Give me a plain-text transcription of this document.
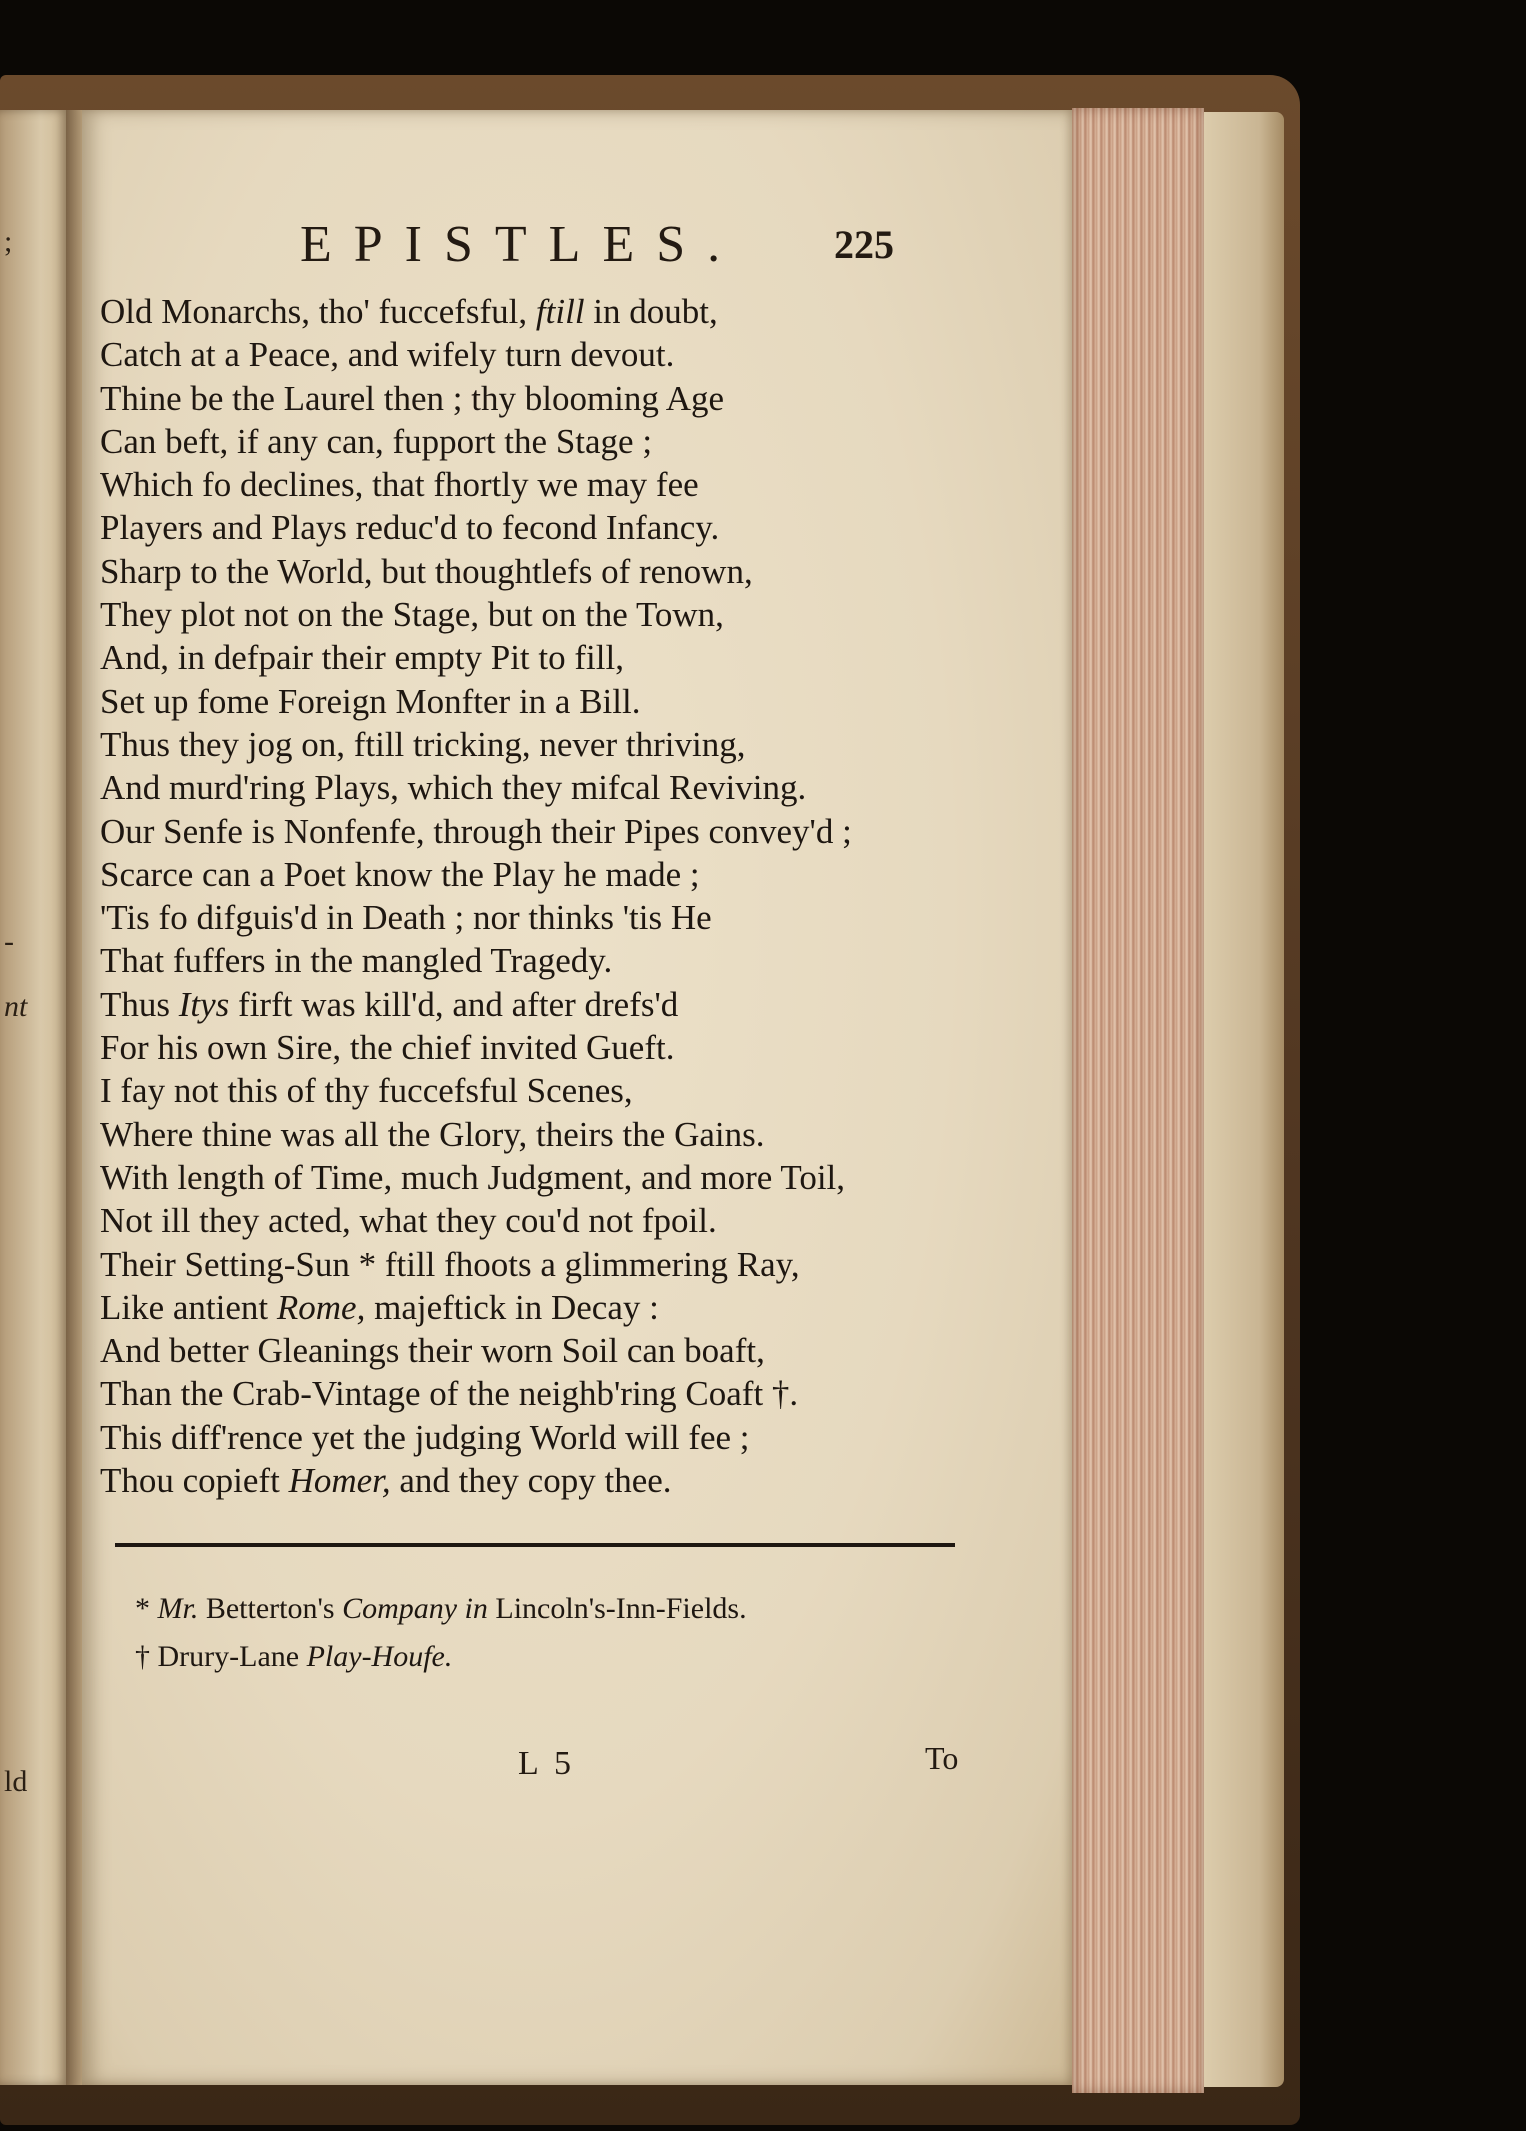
;
-
nt
ld
EPISTLES. 225
Old Monarchs, tho' fuccefsful, ftill in doubt,
Catch at a Peace, and wifely turn devout.
Thine be the Laurel then ; thy blooming Age
Can beft, if any can, fupport the Stage ;
Which fo declines, that fhortly we may fee
Players and Plays reduc'd to fecond Infancy.
Sharp to the World, but thoughtlefs of renown,
They plot not on the Stage, but on the Town,
And, in defpair their empty Pit to fill,
Set up fome Foreign Monfter in a Bill.
Thus they jog on, ftill tricking, never thriving,
And murd'ring Plays, which they mifcal Reviving.
Our Senfe is Nonfenfe, through their Pipes convey'd ;
Scarce can a Poet know the Play he made ;
'Tis fo difguis'd in Death ; nor thinks 'tis He
That fuffers in the mangled Tragedy.
Thus Itys firft was kill'd, and after drefs'd
For his own Sire, the chief invited Gueft.
I fay not this of thy fuccefsful Scenes,
Where thine was all the Glory, theirs the Gains.
With length of Time, much Judgment, and more Toil,
Not ill they acted, what they cou'd not fpoil.
Their Setting-Sun * ftill fhoots a glimmering Ray,
Like antient Rome, majeftick in Decay :
And better Gleanings their worn Soil can boaft,
Than the Crab-Vintage of the neighb'ring Coaft †.
This diff'rence yet the judging World will fee ;
Thou copieft Homer, and they copy thee.
* Mr. Betterton's Company in Lincoln's-Inn-Fields.
† Drury-Lane Play-Houfe.
L 5	To
